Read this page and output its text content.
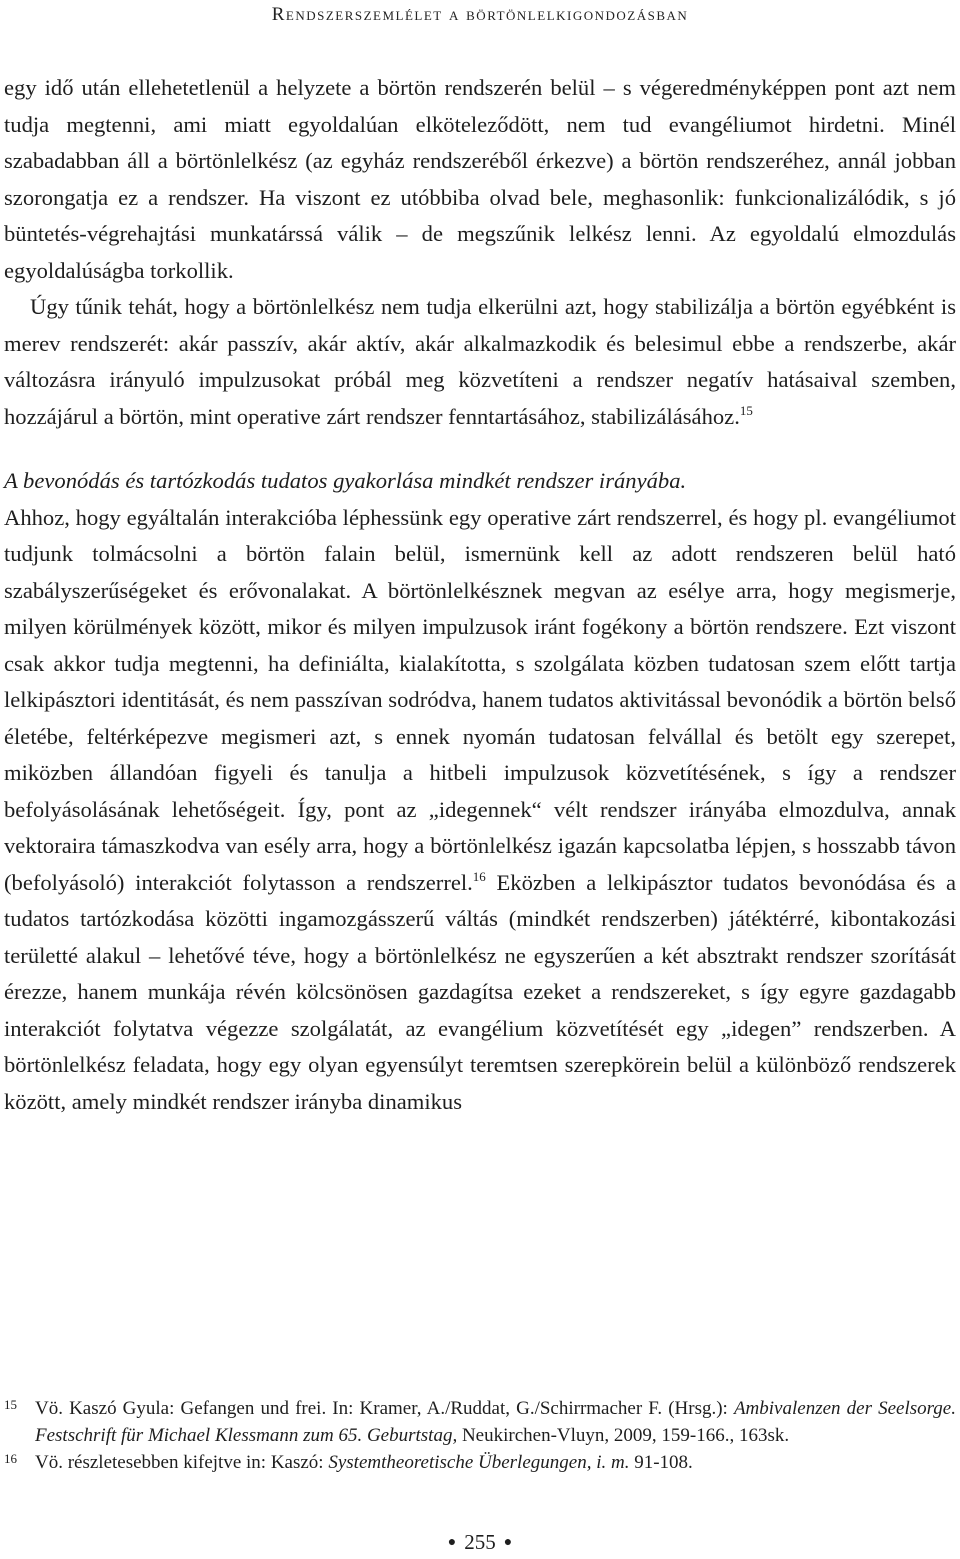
Rendszerszemlélet a börtönlelkigondozásban

egy idő után ellehetetlenül a helyzete a börtön rendszerén belül – s végeredményképpen pont azt nem tudja megtenni, ami miatt egyoldalúan elköteleződött, nem tud evangéliumot hirdetni. Minél szabadabban áll a börtönlelkész (az egyház rendszeréből érkezve) a börtön rendszeréhez, annál jobban szorongatja ez a rendszer. Ha viszont ez utóbbiba olvad bele, meghasonlik: funkcionalizálódik, s jó büntetés-végrehajtási munkatárssá válik – de megszűnik lelkész lenni. Az egyoldalú elmozdulás egyoldalúságba torkollik.

Úgy tűnik tehát, hogy a börtönlelkész nem tudja elkerülni azt, hogy stabilizálja a börtön egyébként is merev rendszerét: akár passzív, akár aktív, akár alkalmazkodik és belesimul ebbe a rendszerbe, akár változásra irányuló impulzusokat próbál meg közvetíteni a rendszer negatív hatásaival szemben, hozzájárul a börtön, mint operative zárt rendszer fenntartásához, stabilizálásához.$^{15}$

A bevonódás és tartózkodás tudatos gyakorlása mindkét rendszer irányába.

Ahhoz, hogy egyáltalán interakcióba léphessünk egy operative zárt rendszerrel, és hogy pl. evangéliumot tudjunk tolmácsolni a börtön falain belül, ismernünk kell az adott rendszeren belül ható szabályszerűségeket és erővonalakat. A börtönlelkésznek megvan az esélye arra, hogy megismerje, milyen körülmények között, mikor és milyen impulzusok iránt fogékony a börtön rendszere. Ezt viszont csak akkor tudja megtenni, ha definiálta, kialakította, s szolgálata közben tudatosan szem előtt tartja lelkipásztori identitását, és nem passzívan sodródva, hanem tudatos aktivitással bevonódik a börtön belső életébe, feltérképezve megismeri azt, s ennek nyomán tudatosan felvállal és betölt egy szerepet, miközben állandóan figyeli és tanulja a hitbeli impulzusok közvetítésének, s így a rendszer befolyásolásának lehetőségeit. Így, pont az „idegennek“ vélt rendszer irányába elmozdulva, annak vektoraira támaszkodva van esély arra, hogy a börtönlelkész igazán kapcsolatba lépjen, s hosszabb távon (befolyásoló) interakciót folytasson a rendszerrel.$^{16}$ Eközben a lelkipásztor tudatos bevonódása és a tudatos tartózkodása közötti ingamozgásszerű váltás (mindkét rendszerben) játéktérré, kibontakozási területté alakul – lehetővé téve, hogy a börtönlelkész ne egyszerűen a két absztrakt rendszer szorítását érezze, hanem munkája révén kölcsönösen gazdagítsa ezeket a rendszereket, s így egyre gazdagabb interakciót folytatva végezze szolgálatát, az evangélium közvetítését egy „idegen” rendszerben. A börtönlelkész feladata, hogy egy olyan egyensúlyt teremtsen szerepkörein belül a különböző rendszerek között, amely mindkét rendszer irányba dinamikus

15 Vö. Kaszó Gyula: Gefangen und frei. In: Kramer, A./Ruddat, G./Schirrmacher F. (Hrsg.): Ambivalenzen der Seelsorge. Festschrift für Michael Klessmann zum 65. Geburtstag, Neukirchen-Vluyn, 2009, 159-166., 163sk.
16 Vö. részletesebben kifejtve in: Kaszó: Systemtheoretische Überlegungen, i. m. 91-108.
● 255 ●
